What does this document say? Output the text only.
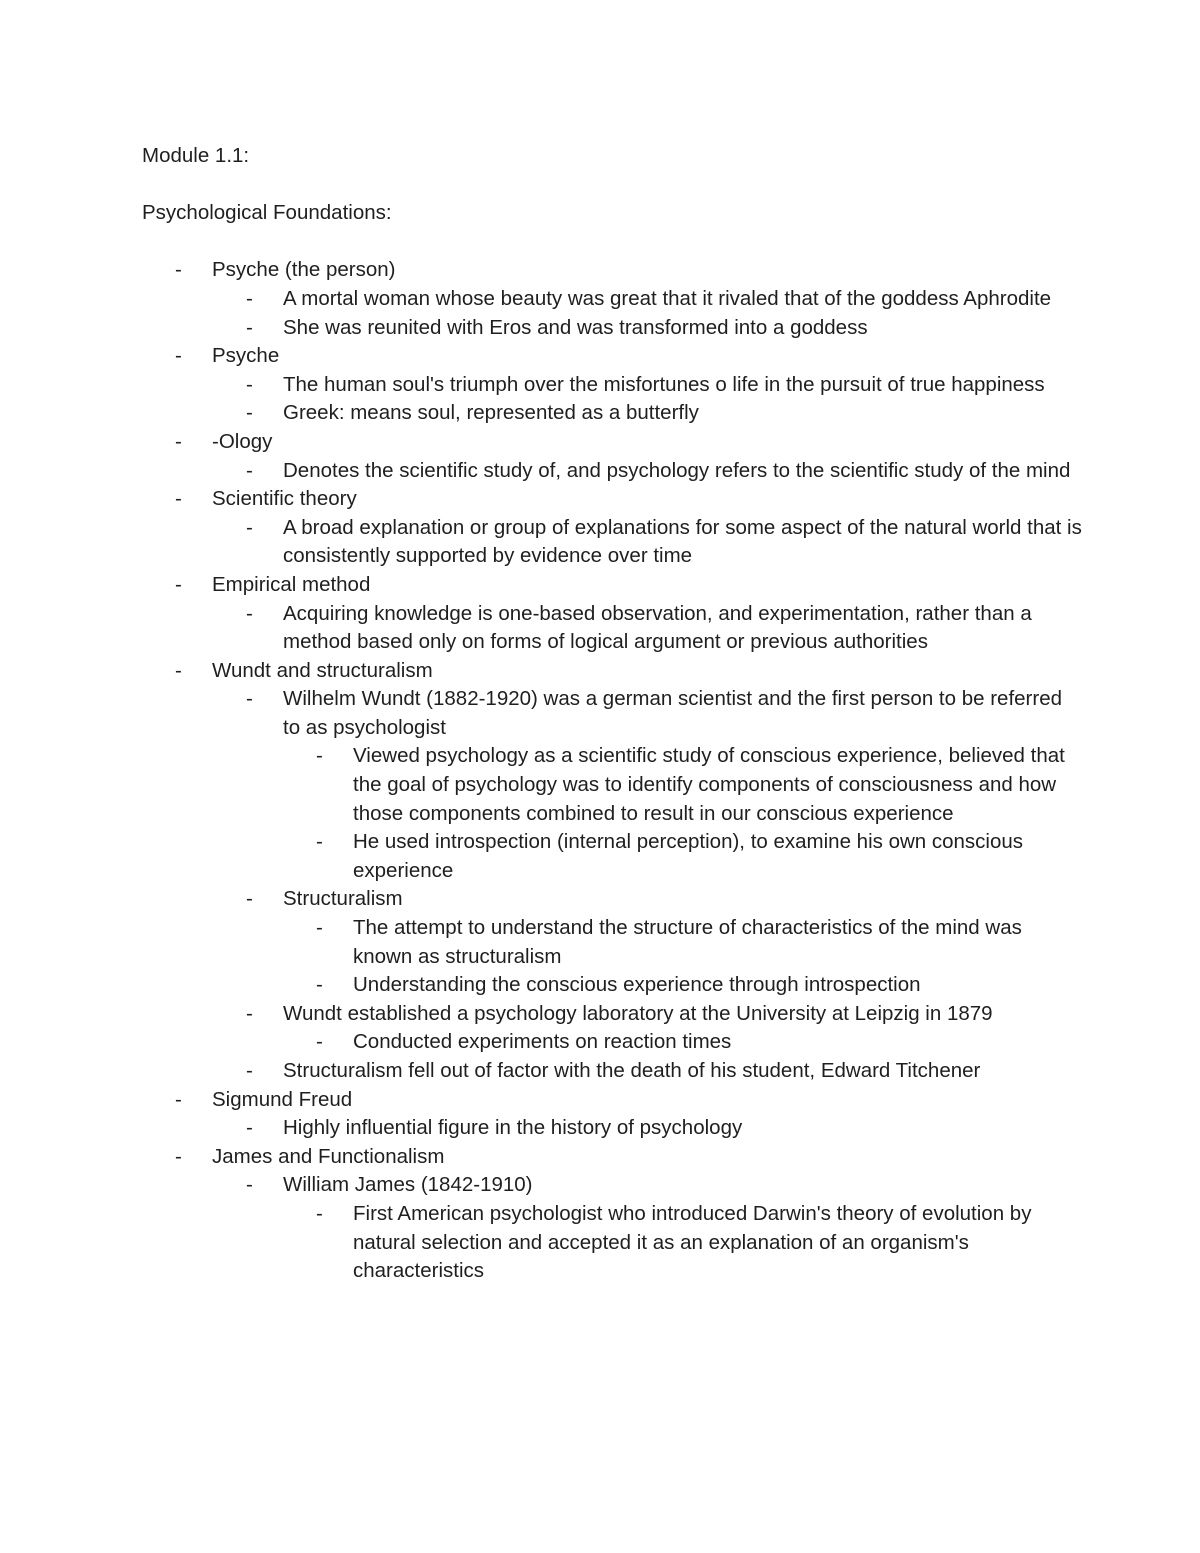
Module 1.1:

Psychological Foundations:

- Psyche (the person)
- A mortal woman whose beauty was great that it rivaled that of the goddess Aphrodite
- She was reunited with Eros and was transformed into a goddess
- Psyche
- The human soul's triumph over the misfortunes o life in the pursuit of true happiness
- Greek: means soul, represented as a butterfly
- -Ology
- Denotes the scientific study of, and psychology refers to the scientific study of the mind
- Scientific theory
- A broad explanation or group of explanations for some aspect of the natural world that is consistently supported by evidence over time
- Empirical method
- Acquiring knowledge is one-based observation, and experimentation, rather than a method based only on forms of logical argument or previous authorities
- Wundt and structuralism
- Wilhelm Wundt (1882-1920) was a german scientist and the first person to be referred to as psychologist
- Viewed psychology as a scientific study of conscious experience, believed that the goal of psychology was to identify components of consciousness and how those components combined to result in our conscious experience
- He used introspection (internal perception), to examine his own conscious experience
- Structuralism
- The attempt to understand the structure of characteristics of the mind was known as structuralism
- Understanding the conscious experience through introspection
- Wundt established a psychology laboratory at the University at Leipzig in 1879
- Conducted experiments on reaction times
- Structuralism fell out of factor with the death of his student, Edward Titchener
- Sigmund Freud
- Highly influential figure in the history of psychology
- James and Functionalism
- William James (1842-1910)
- First American psychologist who introduced Darwin's theory of evolution by natural selection and accepted it as an explanation of an organism's characteristics
